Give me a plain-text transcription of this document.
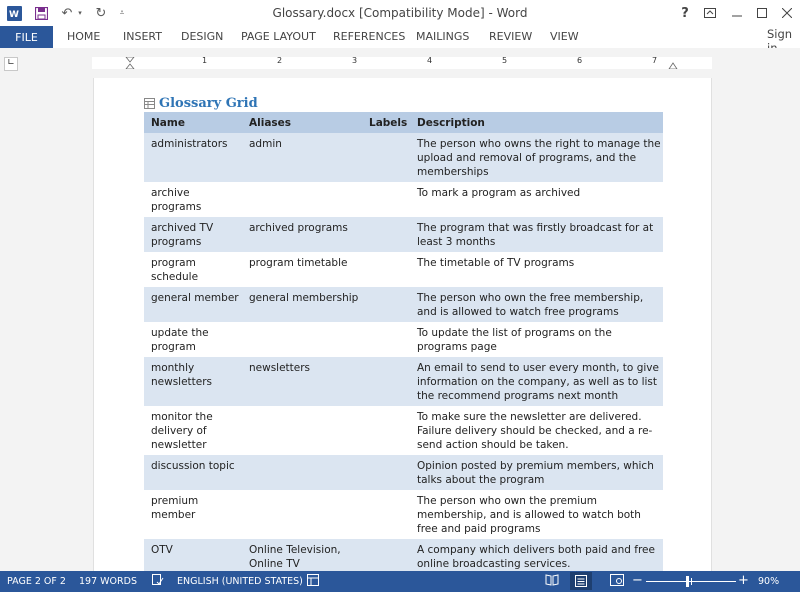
W	↶ ▾ ↻	⩡	Glossary.docx [Compatibility Mode] - Word	?
FILE	HOME INSERT DESIGN PAGE LAYOUT REFERENCES MAILINGS REVIEW VIEW	Sign
∟	1	2	3	4	5	6	7
Glossary Grid
Name	Aliases	Labels	Description
administrators	admin		The person who owns the right to manage the upload and removal of programs, and the memberships
archive programs			To mark a program as archived
archived TV programs	archived programs		The program that was firstly broadcast for at least 3 months
program schedule	program timetable		The timetable of TV programs
general member	general membership		The person who own the free membership, and is allowed to watch free programs
update the program			To update the list of programs on the programs page
monthly newsletters	newsletters		An email to send to user every month, to give information on the company, as well as to list the recommend programs next month
monitor the delivery of newsletter			To make sure the newsletter are delivered. Failure delivery should be checked, and a re-send action should be taken.
discussion topic			Opinion posted by premium members, which talks about the program
premium member			The person who own the premium membership, and is allowed to watch both free and paid programs
OTV	Online Television, Online TV		A company which delivers both paid and free online broadcasting services.

PAGE 2 OF 2 197 WORDS	ENGLISH (UNITED STATES)	−	+ 90%
